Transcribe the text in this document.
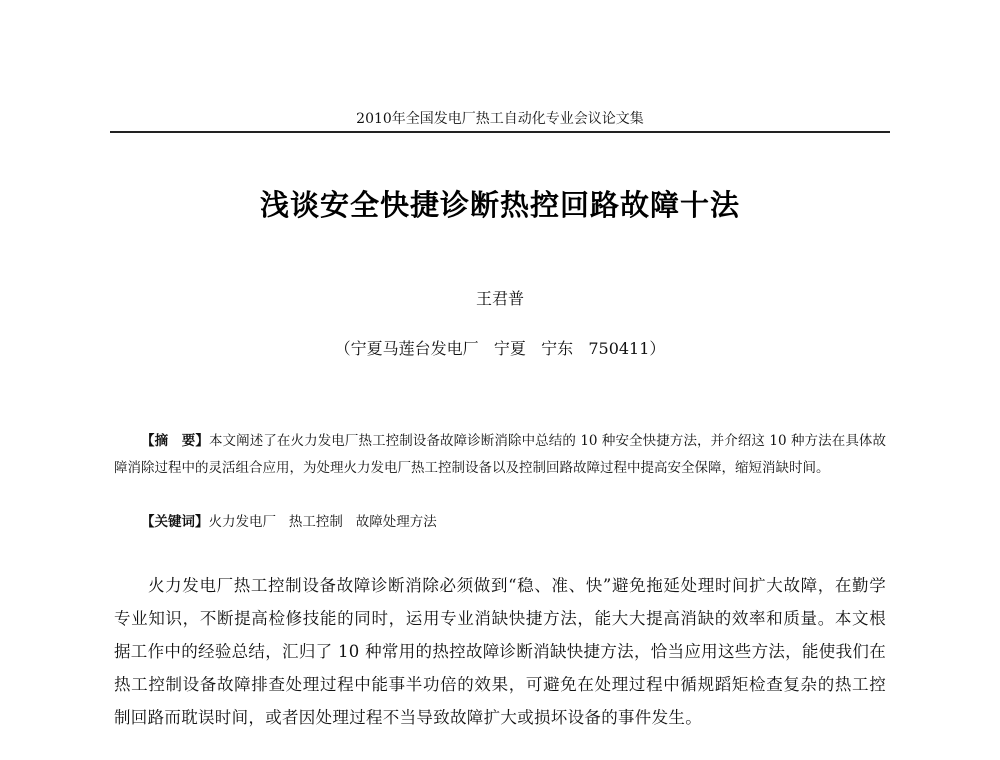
2010年全国发电厂热工自动化专业会议论文集
浅谈安全快捷诊断热控回路故障十法
王君普
（宁夏马莲台发电厂   宁夏   宁东   750411）
【摘　要】本文阐述了在火力发电厂热工控制设备故障诊断消除中总结的 10 种安全快捷方法，并介绍这 10 种方法在具体故障消除过程中的灵活组合应用，为处理火力发电厂热工控制设备以及控制回路故障过程中提高安全保障，缩短消缺时间。
【关键词】火力发电厂   热工控制   故障处理方法
火力发电厂热工控制设备故障诊断消除必须做到“稳、准、快”避免拖延处理时间扩大故障，在勤学专业知识，不断提高检修技能的同时，运用专业消缺快捷方法，能大大提高消缺的效率和质量。本文根据工作中的经验总结，汇归了 10 种常用的热控故障诊断消缺快捷方法，恰当应用这些方法，能使我们在热工控制设备故障排查处理过程中能事半功倍的效果，可避免在处理过程中循规蹈矩检查复杂的热工控制回路而耽误时间，或者因处理过程不当导致故障扩大或损坏设备的事件发生。
